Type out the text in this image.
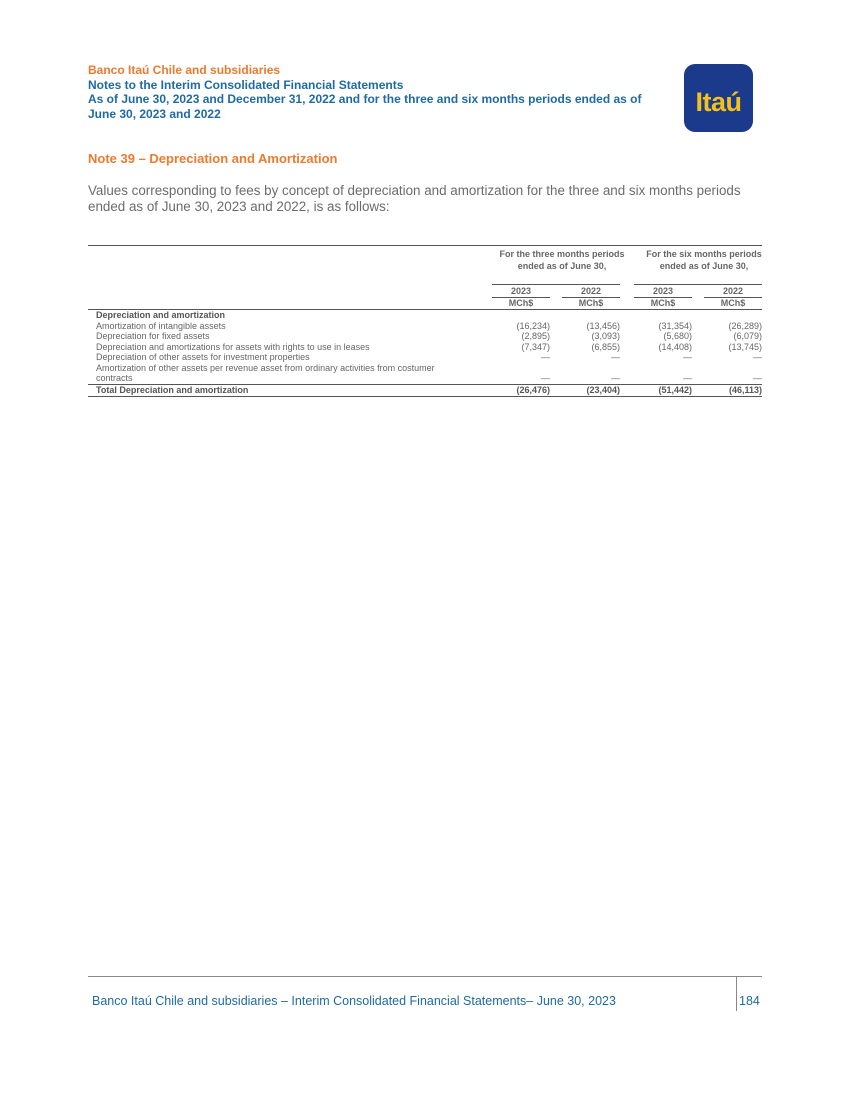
Banco Itaú Chile and subsidiaries
Notes to the Interim Consolidated Financial Statements
As of June 30, 2023 and December 31, 2022 and for the three and six months periods ended as of
June 30, 2023 and 2022	Itaú
Note 39 – Depreciation and Amortization
Values corresponding to fees by concept of depreciation and amortization for the three and six months periods ended as of June 30, 2023 and 2022, is as follows:
For the three months periods ended as of June 30,
For the six months periods ended as of June 30,
2023	2022	2023	2022
MCh$	MCh$	MCh$	MCh$
Depreciation and amortization
Amortization of intangible assets	(16,234)	(13,456)	(31,354)	(26,289)
Depreciation for fixed assets	(2,895)	(3,093)	(5,680)	(6,079)
Depreciation and amortizations for assets with rights to use in leases	(7,347)	(6,855)	(14,408)	(13,745)
Depreciation of other assets for investment properties	—	—	—	—
Amortization of other assets per revenue asset from ordinary activities from costumer contracts	—	—	—	—
Total Depreciation and amortization	(26,476)	(23,404)	(51,442)	(46,113)
Banco Itaú Chile and subsidiaries – Interim Consolidated Financial Statements– June 30, 2023	184
